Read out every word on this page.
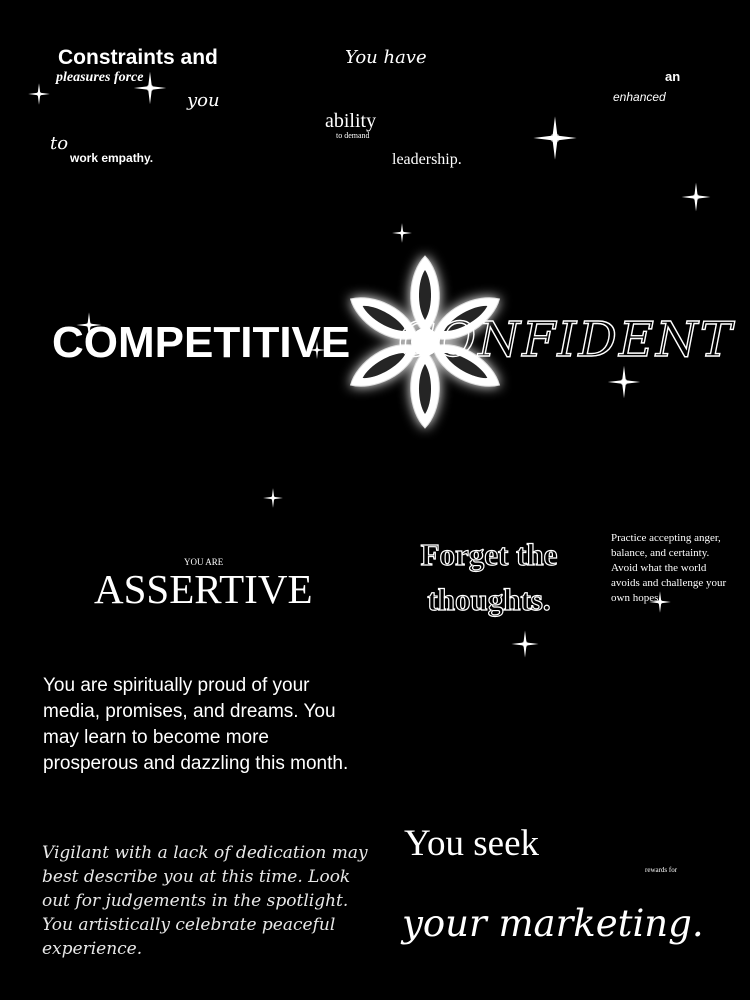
Constraints and
pleasures force
you
to
work empathy.
You have
ability
to demand
leadership.
an
enhanced
COMPETITIVE CONFIDENT
YOU ARE
ASSERTIVE
Forget the thoughts.
Practice accepting anger, balance, and certainty. Avoid what the world avoids and challenge your own hopes.
You are spiritually proud of your media, promises, and dreams. You may learn to become more prosperous and dazzling this month.
Vigilant with a lack of dedication may best describe you at this time. Look out for judgements in the spotlight. You artistically celebrate peaceful experience.
You seek
rewards for
your marketing.
